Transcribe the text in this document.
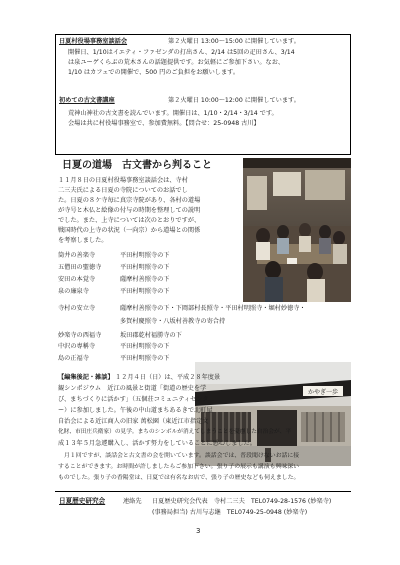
日夏村役場事務室談話会	第２火曜日 13:00～15:00 に開催しています。
開催日、1/10はイエティ・ファゼンダの打出さん、2/14 は5回の疋田さん、3/14
は泉ユーゲくらぶの荒木さんの話題提供です。お気軽にご参加下さい。なお、
1/10 はカフェでの開催で、500 円のご負担をお願いします。
初めての古文書講座	第２火曜日 10:00～12:00 に開催しています。
荒神山神社の古文書を読んでいます。開催日は、1/10・2/14・3/14 です。
会場は共に村役場事務室で、参加費無料。【問合せ：25-0948 古川】
日夏の道場　古文書から判ること
１１月８日の日夏村役場事務室談話会は、寺村
二三夫氏による日夏の寺院についてのお話でし
た。日夏の８ケ寺毎に真宗寺院があり、各村の道場
が寺号と木仏と絵像の付与の時期を整理しての説明
でした。また、上寺については次のとおりですが、
戦国時代の上寺の状況（一向宗）から道場との関係
を考察しました。
筒井の善楽寺	平田村明照寺の下
五僧田の聖徳寺	平田村明照寺の下
安田の本覚寺	薩摩村善照寺の下
泉の廉泉寺	平田村明照寺の下
寺村の安立寺	薩摩村善照寺の下・下岡部村長照寺・平田村明照寺・堀村妙徳寺・
多賀村慶照寺・八坂村善教寺の寄合持
妙楽寺の西福寺	坂田郡乾村福勝寺の下
中沢の専稱寺	平田村明照寺の下
島の正福寺	平田村明照寺の下
かやぎ一歩
【編集後記・雑談】 １２月４日（日）は、平成２８年度景
観シンポジウム　近江の風景と街道「街道の歴史を学
び、まちづくりに活かす」（五個荘コミュニティセンタ
ー）に参加しました。午後の中山道まちあるきで北町屋
自治会による近江商人の旧家 萬松園（東近江市指定文
化財、市田庄兵衛家）の見学。まちのシンボルが消えてしまうことを憂慮した自治会が、平
成１３年５月急遽購入し、活かす努力をしていることに感心しました。
月１回ですが、談話会と古文書の会を開いています。談話会では、普段聞けないお話に接
することができます。お時間が許しましたらご参加下さい。張り子の展示も講演も興味深い
ものでした。張り子の香陽堂は、日夏では有名なお店で、張り子の歴史なども伺えました。
日夏歴史研究会	連絡先 日夏歴史研究会代表　寺村二三夫　TEL0749-28-1576 (妙楽寺)
(事務局担当) 古川与志継　TEL0749-25-0948 (妙楽寺)
3
